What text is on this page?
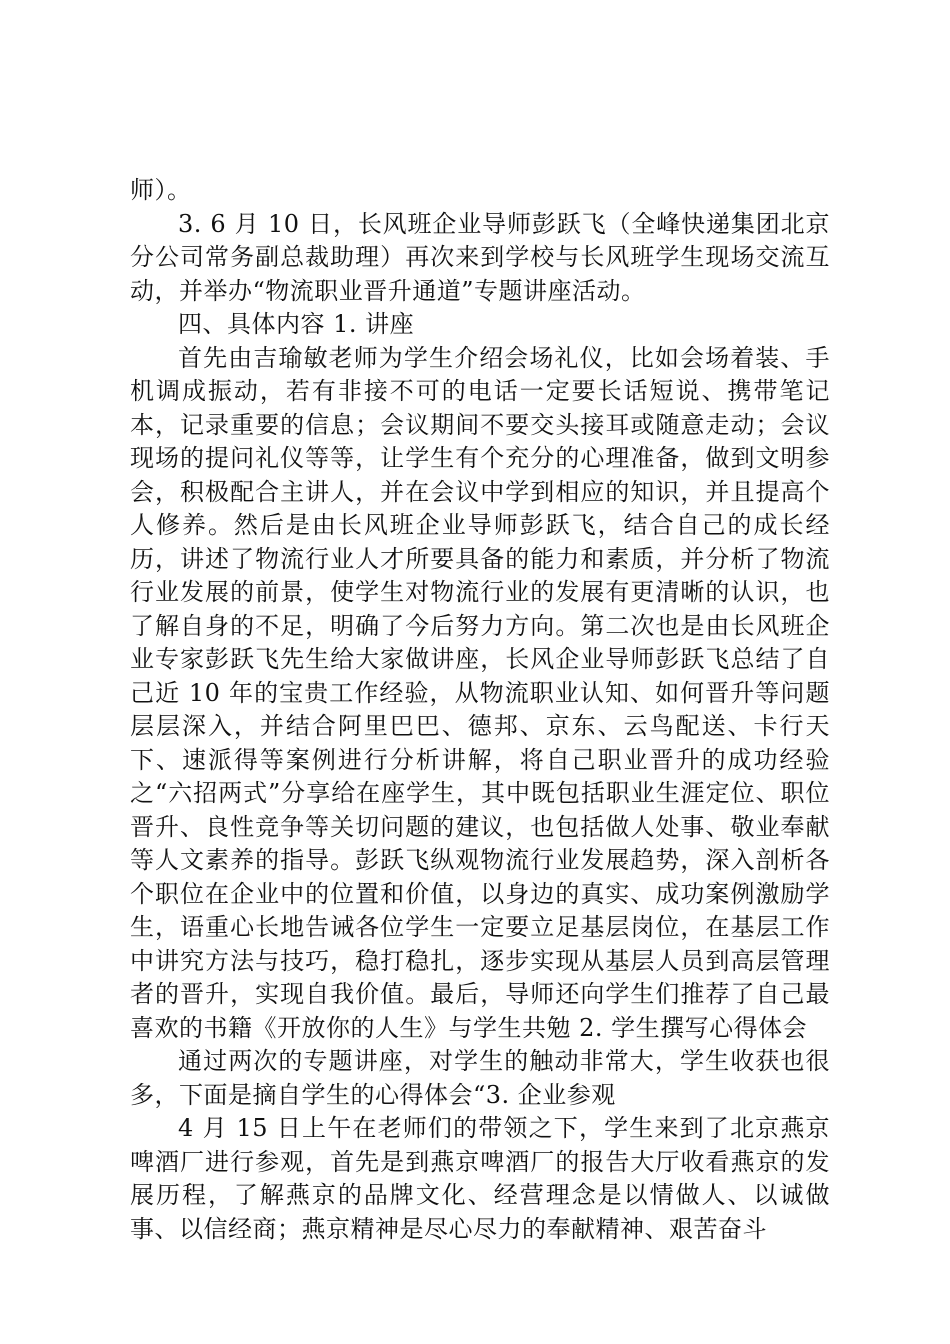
师）。

3. 6 月 10 日，长风班企业导师彭跃飞（全峰快递集团北京分公司常务副总裁助理）再次来到学校与长风班学生现场交流互动，并举办“物流职业晋升通道”专题讲座活动。

四、具体内容 1. 讲座

首先由吉瑜敏老师为学生介绍会场礼仪，比如会场着装、手机调成振动，若有非接不可的电话一定要长话短说、携带笔记本，记录重要的信息；会议期间不要交头接耳或随意走动；会议现场的提问礼仪等等，让学生有个充分的心理准备，做到文明参会，积极配合主讲人，并在会议中学到相应的知识，并且提高个人修养。然后是由长风班企业导师彭跃飞，结合自己的成长经历，讲述了物流行业人才所要具备的能力和素质，并分析了物流行业发展的前景，使学生对物流行业的发展有更清晰的认识，也了解自身的不足，明确了今后努力方向。第二次也是由长风班企业专家彭跃飞先生给大家做讲座，长风企业导师彭跃飞总结了自己近 10 年的宝贵工作经验，从物流职业认知、如何晋升等问题层层深入，并结合阿里巴巴、德邦、京东、云鸟配送、卡行天下、速派得等案例进行分析讲解，将自己职业晋升的成功经验之“六招两式”分享给在座学生，其中既包括职业生涯定位、职位晋升、良性竞争等关切问题的建议，也包括做人处事、敬业奉献等人文素养的指导。彭跃飞纵观物流行业发展趋势，深入剖析各个职位在企业中的位置和价值，以身边的真实、成功案例激励学生，语重心长地告诫各位学生一定要立足基层岗位，在基层工作中讲究方法与技巧，稳打稳扎，逐步实现从基层人员到高层管理者的晋升，实现自我价值。最后，导师还向学生们推荐了自己最喜欢的书籍《开放你的人生》与学生共勉 2. 学生撰写心得体会

通过两次的专题讲座，对学生的触动非常大，学生收获也很多，下面是摘自学生的心得体会“3. 企业参观

4 月 15 日上午在老师们的带领之下，学生来到了北京燕京啤酒厂进行参观，首先是到燕京啤酒厂的报告大厅收看燕京的发展历程，了解燕京的品牌文化、经营理念是以情做人、以诚做事、以信经商；燕京精神是尽心尽力的奉献精神、艰苦奋斗
